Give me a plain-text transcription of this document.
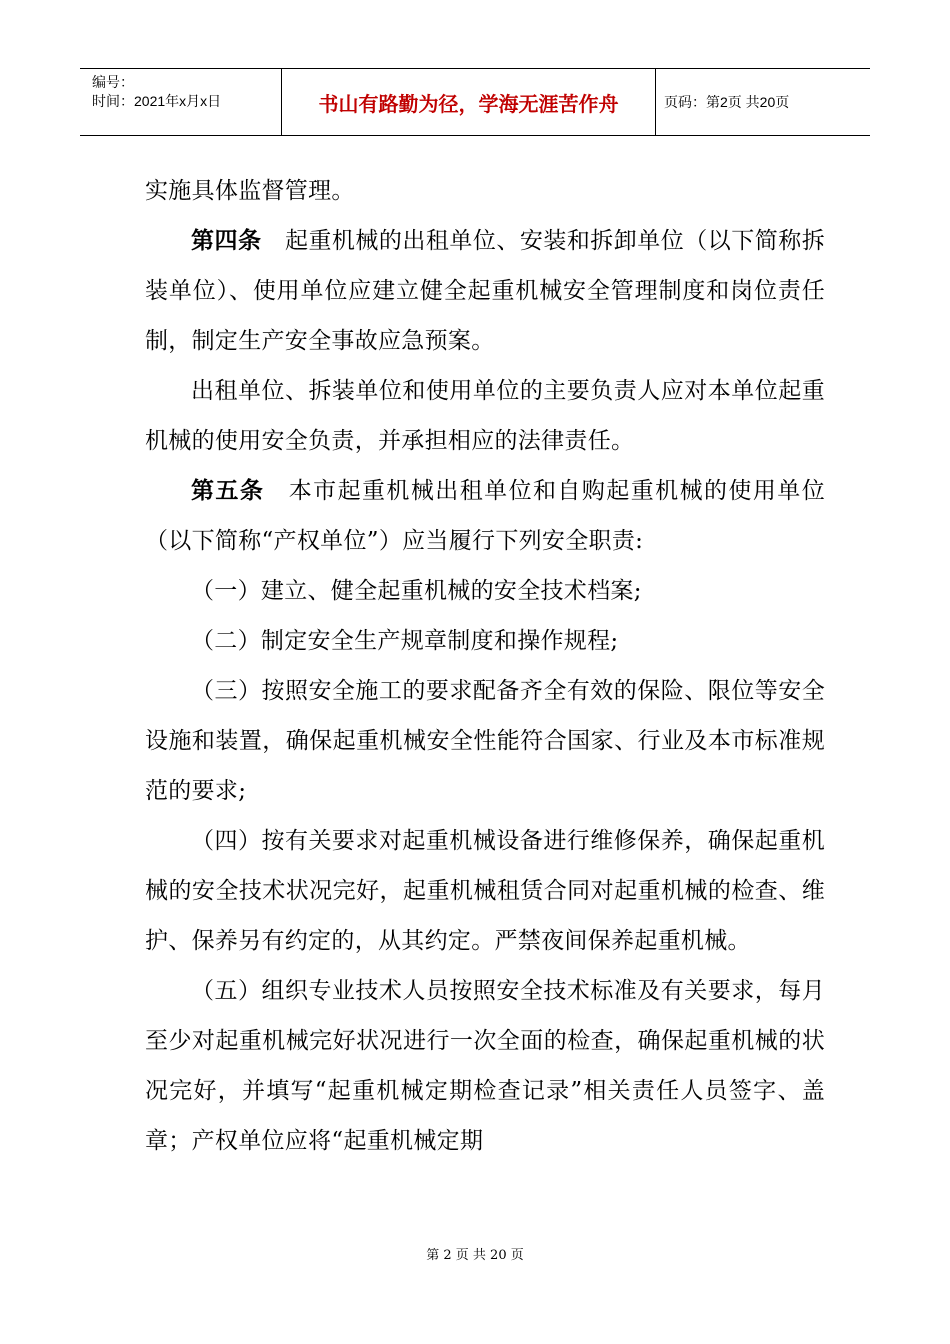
编号：
时间：2021年x月x日	书山有路勤为径，学海无涯苦作舟	页码：第2页 共20页

实施具体监督管理。

第四条　起重机械的出租单位、安装和拆卸单位（以下简称拆装单位）、使用单位应建立健全起重机械安全管理制度和岗位责任制，制定生产安全事故应急预案。

出租单位、拆装单位和使用单位的主要负责人应对本单位起重机械的使用安全负责，并承担相应的法律责任。

第五条　本市起重机械出租单位和自购起重机械的使用单位（以下简称“产权单位”）应当履行下列安全职责:

（一）建立、健全起重机械的安全技术档案;

（二）制定安全生产规章制度和操作规程;

（三）按照安全施工的要求配备齐全有效的保险、限位等安全设施和装置，确保起重机械安全性能符合国家、行业及本市标准规范的要求;

（四）按有关要求对起重机械设备进行维修保养，确保起重机械的安全技术状况完好，起重机械租赁合同对起重机械的检查、维护、保养另有约定的，从其约定。严禁夜间保养起重机械。

（五）组织专业技术人员按照安全技术标准及有关要求，每月至少对起重机械完好状况进行一次全面的检查，确保起重机械的状况完好，并填写“起重机械定期检查记录”相关责任人员签字、盖章；产权单位应将“起重机械定期

第 2 页 共 20 页
